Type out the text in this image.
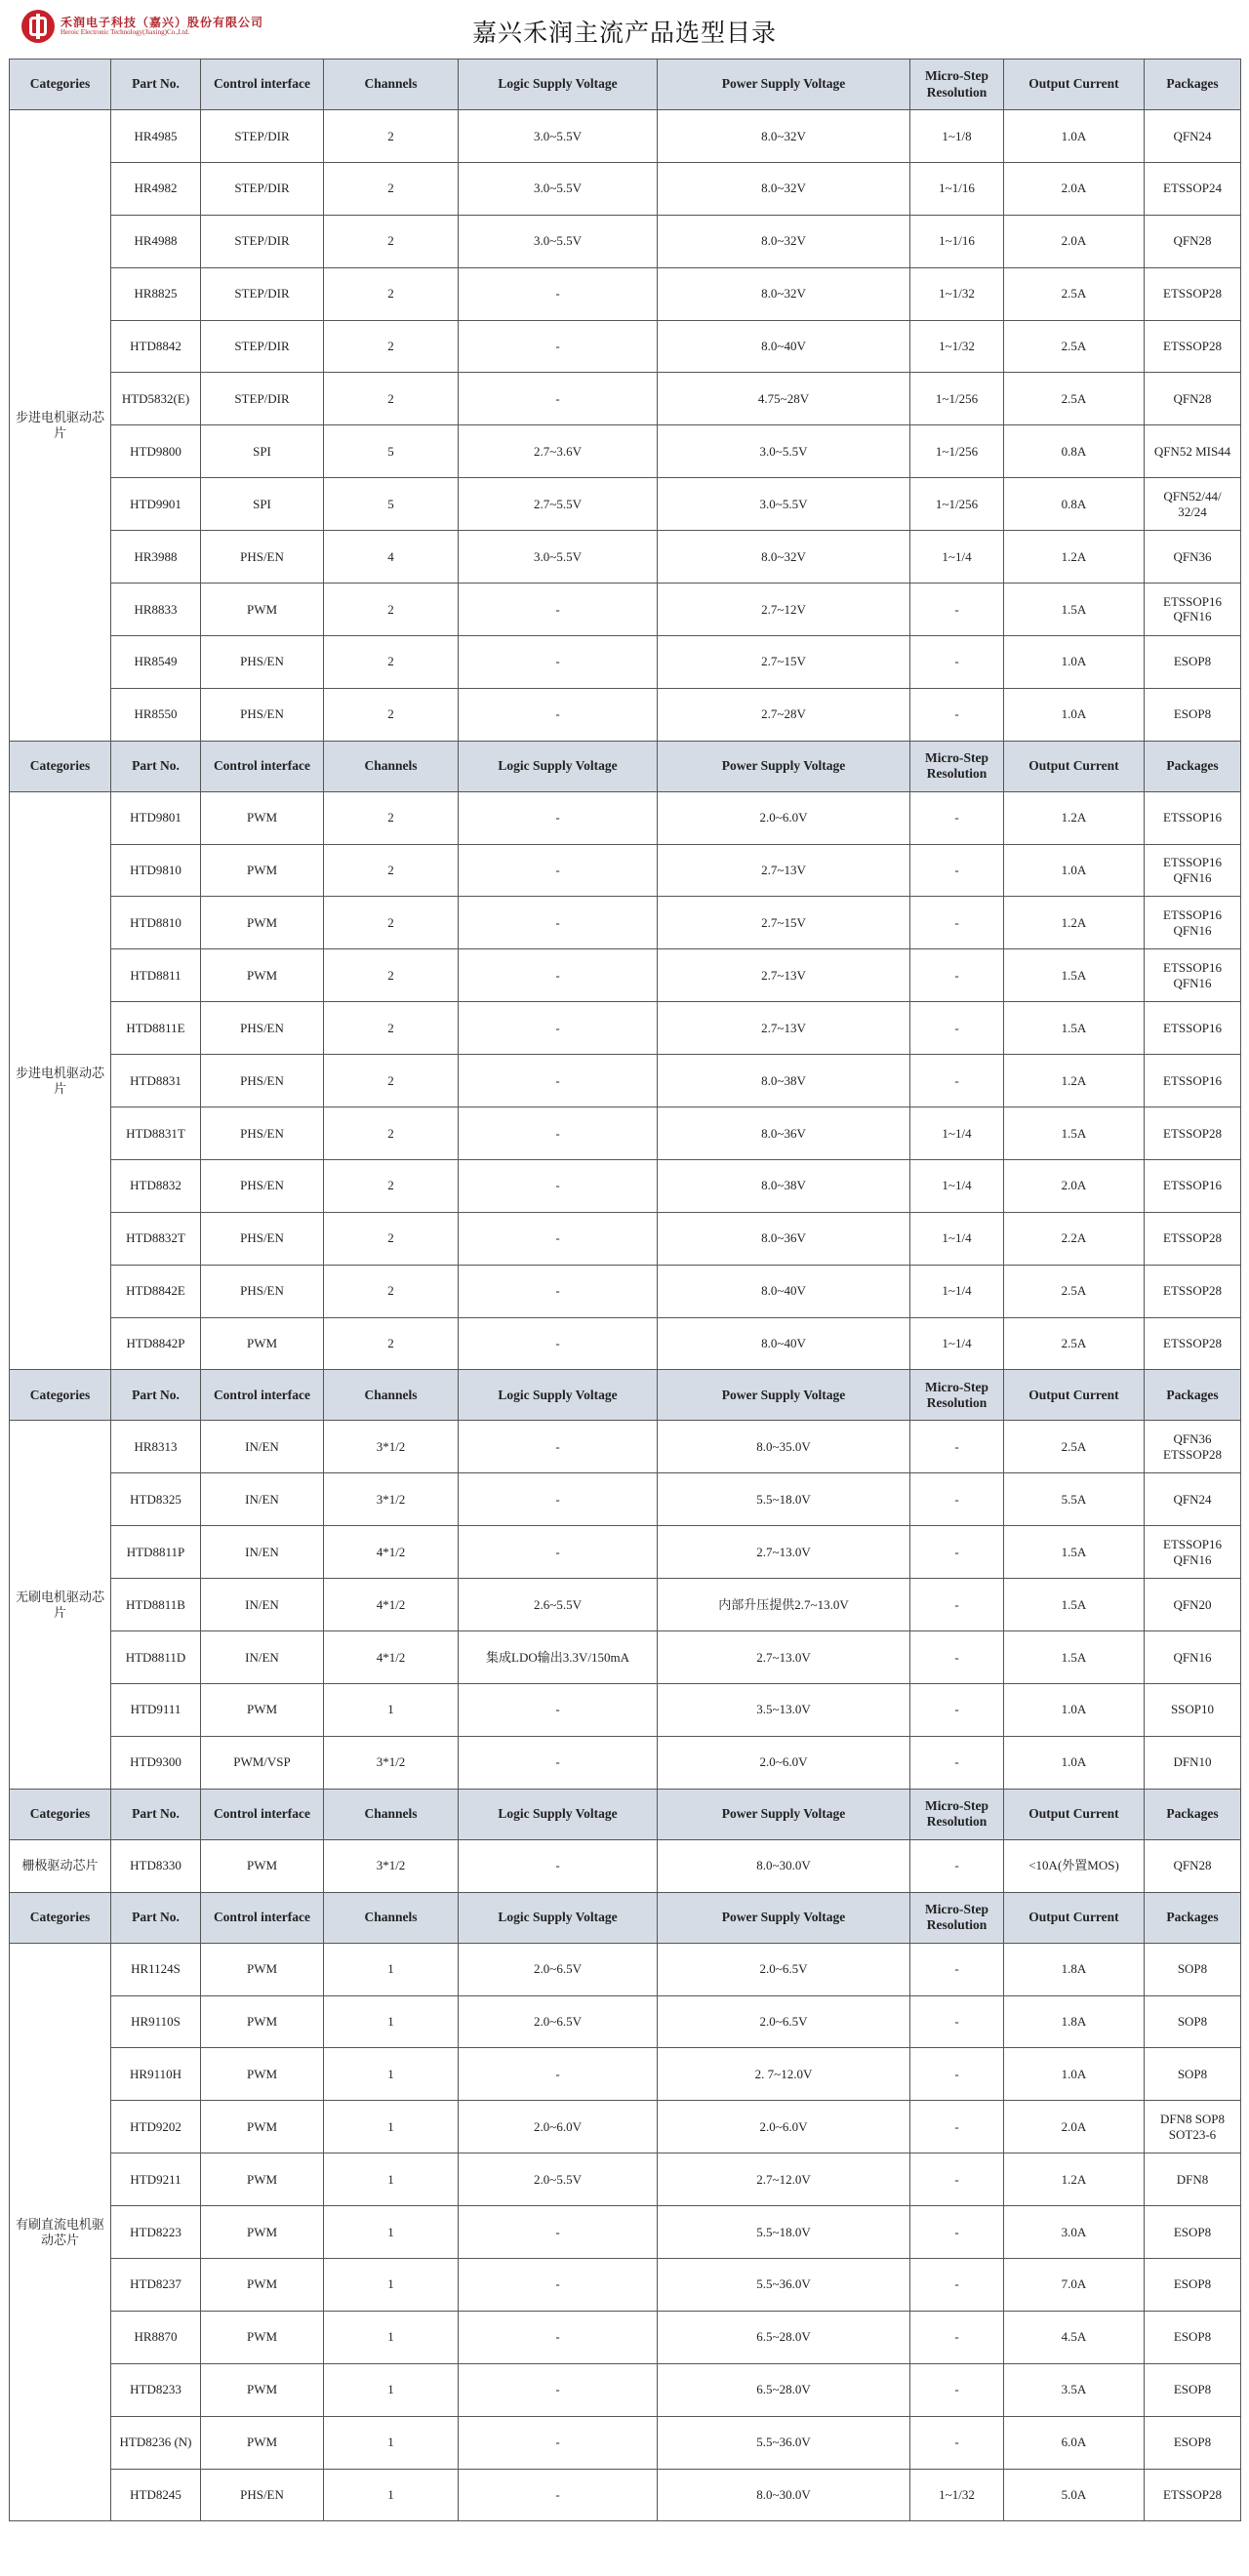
禾润电子科技（嘉兴）股份有限公司
Heroic Electronic Technology(Jiaxing)Co.,Ltd.	嘉兴禾润主流产品选型目录
Categories	Part No.	Control interface	Channels	Logic Supply Voltage	Power Supply Voltage	Micro-Step Resolution	Output Current	Packages
步进电机驱动芯片	HR4985	STEP/DIR	2	3.0~5.5V	8.0~32V	1~1/8	1.0A	QFN24
	HR4982	STEP/DIR	2	3.0~5.5V	8.0~32V	1~1/16	2.0A	ETSSOP24
	HR4988	STEP/DIR	2	3.0~5.5V	8.0~32V	1~1/16	2.0A	QFN28
	HR8825	STEP/DIR	2	-	8.0~32V	1~1/32	2.5A	ETSSOP28
	HTD8842	STEP/DIR	2	-	8.0~40V	1~1/32	2.5A	ETSSOP28
	HTD5832(E)	STEP/DIR	2	-	4.75~28V	1~1/256	2.5A	QFN28
	HTD9800	SPI	5	2.7~3.6V	3.0~5.5V	1~1/256	0.8A	QFN52 MIS44
	HTD9901	SPI	5	2.7~5.5V	3.0~5.5V	1~1/256	0.8A	QFN52/44/
32/24
	HR3988	PHS/EN	4	3.0~5.5V	8.0~32V	1~1/4	1.2A	QFN36
	HR8833	PWM	2	-	2.7~12V	-	1.5A	ETSSOP16
QFN16
	HR8549	PHS/EN	2	-	2.7~15V	-	1.0A	ESOP8
	HR8550	PHS/EN	2	-	2.7~28V	-	1.0A	ESOP8
Categories	Part No.	Control interface	Channels	Logic Supply Voltage	Power Supply Voltage	Micro-Step Resolution	Output Current	Packages
步进电机驱动芯片	HTD9801	PWM	2	-	2.0~6.0V	-	1.2A	ETSSOP16
	HTD9810	PWM	2	-	2.7~13V	-	1.0A	ETSSOP16
QFN16
	HTD8810	PWM	2	-	2.7~15V	-	1.2A	ETSSOP16
QFN16
	HTD8811	PWM	2	-	2.7~13V	-	1.5A	ETSSOP16
QFN16
	HTD8811E	PHS/EN	2	-	2.7~13V	-	1.5A	ETSSOP16
	HTD8831	PHS/EN	2	-	8.0~38V	-	1.2A	ETSSOP16
	HTD8831T	PHS/EN	2	-	8.0~36V	1~1/4	1.5A	ETSSOP28
	HTD8832	PHS/EN	2	-	8.0~38V	1~1/4	2.0A	ETSSOP16
	HTD8832T	PHS/EN	2	-	8.0~36V	1~1/4	2.2A	ETSSOP28
	HTD8842E	PHS/EN	2	-	8.0~40V	1~1/4	2.5A	ETSSOP28
	HTD8842P	PWM	2	-	8.0~40V	1~1/4	2.5A	ETSSOP28
Categories	Part No.	Control interface	Channels	Logic Supply Voltage	Power Supply Voltage	Micro-Step Resolution	Output Current	Packages
无刷电机驱动芯片	HR8313	IN/EN	3*1/2	-	8.0~35.0V	-	2.5A	QFN36
ETSSOP28
	HTD8325	IN/EN	3*1/2	-	5.5~18.0V	-	5.5A	QFN24
	HTD8811P	IN/EN	4*1/2	-	2.7~13.0V	-	1.5A	ETSSOP16
QFN16
	HTD8811B	IN/EN	4*1/2	2.6~5.5V	内部升压提供2.7~13.0V	-	1.5A	QFN20
	HTD8811D	IN/EN	4*1/2	集成LDO输出3.3V/150mA	2.7~13.0V	-	1.5A	QFN16
	HTD9111	PWM	1	-	3.5~13.0V	-	1.0A	SSOP10
	HTD9300	PWM/VSP	3*1/2	-	2.0~6.0V	-	1.0A	DFN10
Categories	Part No.	Control interface	Channels	Logic Supply Voltage	Power Supply Voltage	Micro-Step Resolution	Output Current	Packages
栅极驱动芯片	HTD8330	PWM	3*1/2	-	8.0~30.0V	-	<10A(外置MOS)	QFN28
Categories	Part No.	Control interface	Channels	Logic Supply Voltage	Power Supply Voltage	Micro-Step Resolution	Output Current	Packages
有刷直流电机驱动芯片	HR1124S	PWM	1	2.0~6.5V	2.0~6.5V	-	1.8A	SOP8
	HR9110S	PWM	1	2.0~6.5V	2.0~6.5V	-	1.8A	SOP8
	HR9110H	PWM	1	-	2. 7~12.0V	-	1.0A	SOP8
	HTD9202	PWM	1	2.0~6.0V	2.0~6.0V	-	2.0A	DFN8 SOP8
SOT23-6
	HTD9211	PWM	1	2.0~5.5V	2.7~12.0V	-	1.2A	DFN8
	HTD8223	PWM	1	-	5.5~18.0V	-	3.0A	ESOP8
	HTD8237	PWM	1	-	5.5~36.0V	-	7.0A	ESOP8
	HR8870	PWM	1	-	6.5~28.0V	-	4.5A	ESOP8
	HTD8233	PWM	1	-	6.5~28.0V	-	3.5A	ESOP8
	HTD8236 (N)	PWM	1	-	5.5~36.0V	-	6.0A	ESOP8
	HTD8245	PHS/EN	1	-	8.0~30.0V	1~1/32	5.0A	ETSSOP28
